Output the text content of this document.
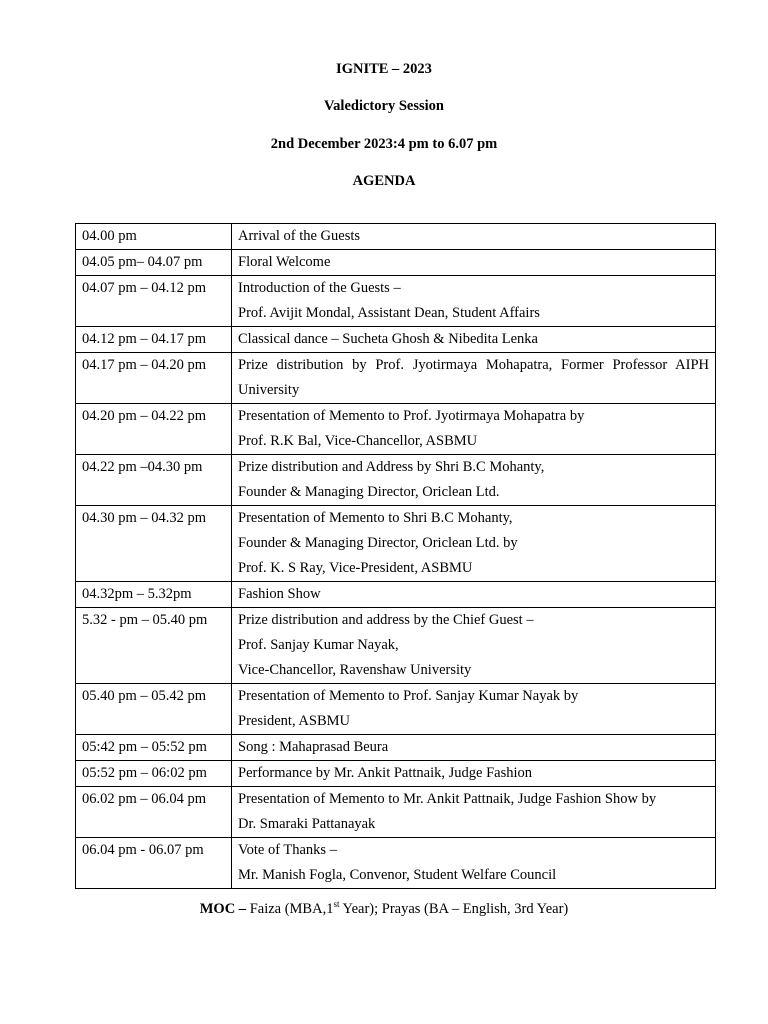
IGNITE – 2023
Valedictory Session
2nd December 2023:4 pm to 6.07 pm
AGENDA
04.00 pm	Arrival of the Guests

04.05 pm– 04.07 pm	Floral Welcome

04.07 pm – 04.12 pm	Introduction of the Guests –
Prof. Avijit Mondal, Assistant Dean, Student Affairs

04.12 pm – 04.17 pm	Classical dance – Sucheta Ghosh & Nibedita Lenka

04.17 pm – 04.20 pm	Prize distribution by Prof. Jyotirmaya Mohapatra, Former Professor AIPH University

04.20 pm – 04.22 pm	Presentation of Memento to Prof. Jyotirmaya Mohapatra by
Prof. R.K Bal, Vice-Chancellor, ASBMU

04.22 pm –04.30 pm	Prize distribution and Address by Shri B.C Mohanty,
Founder & Managing Director, Oriclean Ltd.

04.30 pm – 04.32 pm	Presentation of Memento to Shri B.C Mohanty,
Founder & Managing Director, Oriclean Ltd. by
Prof. K. S Ray, Vice-President, ASBMU

04.32pm – 5.32pm	Fashion Show

5.32 - pm – 05.40 pm	Prize distribution and address by the Chief Guest –
Prof. Sanjay Kumar Nayak,
Vice-Chancellor, Ravenshaw University

05.40 pm – 05.42 pm	Presentation of Memento to Prof. Sanjay Kumar Nayak by
President, ASBMU

05:42 pm – 05:52 pm	Song : Mahaprasad Beura

05:52 pm – 06:02 pm	Performance by Mr. Ankit Pattnaik, Judge Fashion

06.02 pm – 06.04 pm	Presentation of Memento to Mr. Ankit Pattnaik, Judge Fashion Show by
Dr. Smaraki Pattanayak

06.04 pm - 06.07 pm	Vote of Thanks –
Mr. Manish Fogla, Convenor, Student Welfare Council
MOC – Faiza (MBA,1st Year); Prayas (BA – English, 3rd Year)
